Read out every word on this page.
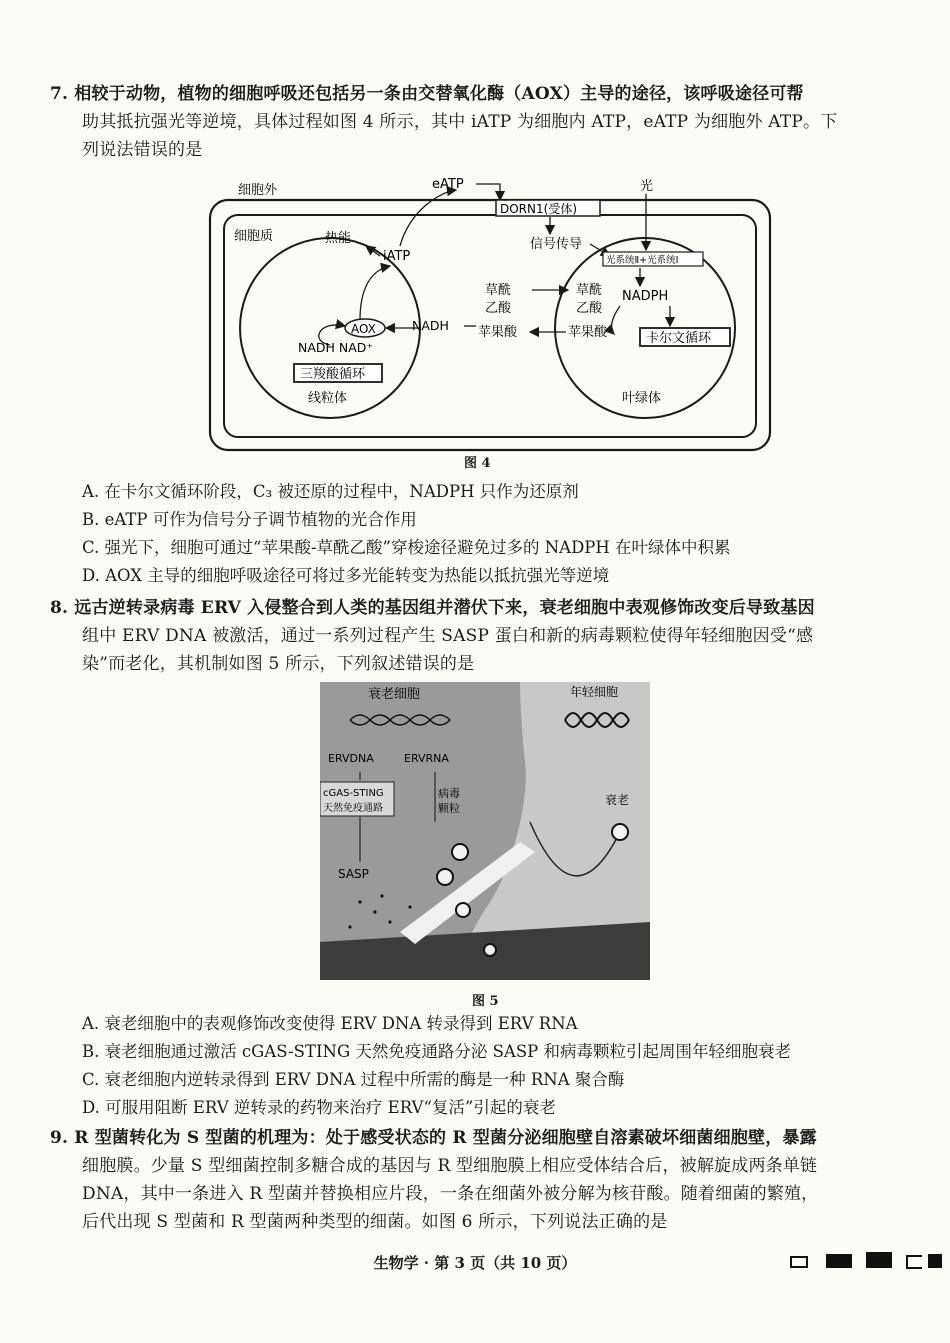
7. 相较于动物，植物的细胞呼吸还包括另一条由交替氧化酶（AOX）主导的途径，该呼吸途径可帮
助其抵抗强光等逆境，具体过程如图 4 所示，其中 iATP 为细胞内 ATP，eATP 为细胞外 ATP。下
列说法错误的是
细胞外
细胞质
eATP
DORN1(受体)
光
信号传导
热能
iATP
AOX
NADH NAD⁺
三羧酸循环
线粒体
NADH
草酰
乙酸
苹果酸
光系统Ⅱ+光系统Ⅰ
草酰
乙酸
NADPH
苹果酸	卡尔文循环
叶绿体
图 4
A. 在卡尔文循环阶段，C₃ 被还原的过程中，NADPH 只作为还原剂
B. eATP 可作为信号分子调节植物的光合作用
C. 强光下，细胞可通过“苹果酸-草酰乙酸”穿梭途径避免过多的 NADPH 在叶绿体中积累
D. AOX 主导的细胞呼吸途径可将过多光能转变为热能以抵抗强光等逆境
8. 远古逆转录病毒 ERV 入侵整合到人类的基因组并潜伏下来，衰老细胞中表观修饰改变后导致基因
组中 ERV DNA 被激活，通过一系列过程产生 SASP 蛋白和新的病毒颗粒使得年轻细胞因受“感
染”而老化，其机制如图 5 所示，下列叙述错误的是
衰老细胞	年轻细胞
ERVDNA	ERVRNA
cGAS-STING
天然免疫通路
病毒
颗粒
SASP
衰老
图 5
A. 衰老细胞中的表观修饰改变使得 ERV DNA 转录得到 ERV RNA
B. 衰老细胞通过激活 cGAS-STING 天然免疫通路分泌 SASP 和病毒颗粒引起周围年轻细胞衰老
C. 衰老细胞内逆转录得到 ERV DNA 过程中所需的酶是一种 RNA 聚合酶
D. 可服用阻断 ERV 逆转录的药物来治疗 ERV“复活”引起的衰老
9. R 型菌转化为 S 型菌的机理为：处于感受状态的 R 型菌分泌细胞壁自溶素破坏细菌细胞壁，暴露
细胞膜。少量 S 型细菌控制多糖合成的基因与 R 型细胞膜上相应受体结合后，被解旋成两条单链
DNA，其中一条进入 R 型菌并替换相应片段，一条在细菌外被分解为核苷酸。随着细菌的繁殖，
后代出现 S 型菌和 R 型菌两种类型的细菌。如图 6 所示，下列说法正确的是
生物学 · 第 3 页（共 10 页）
